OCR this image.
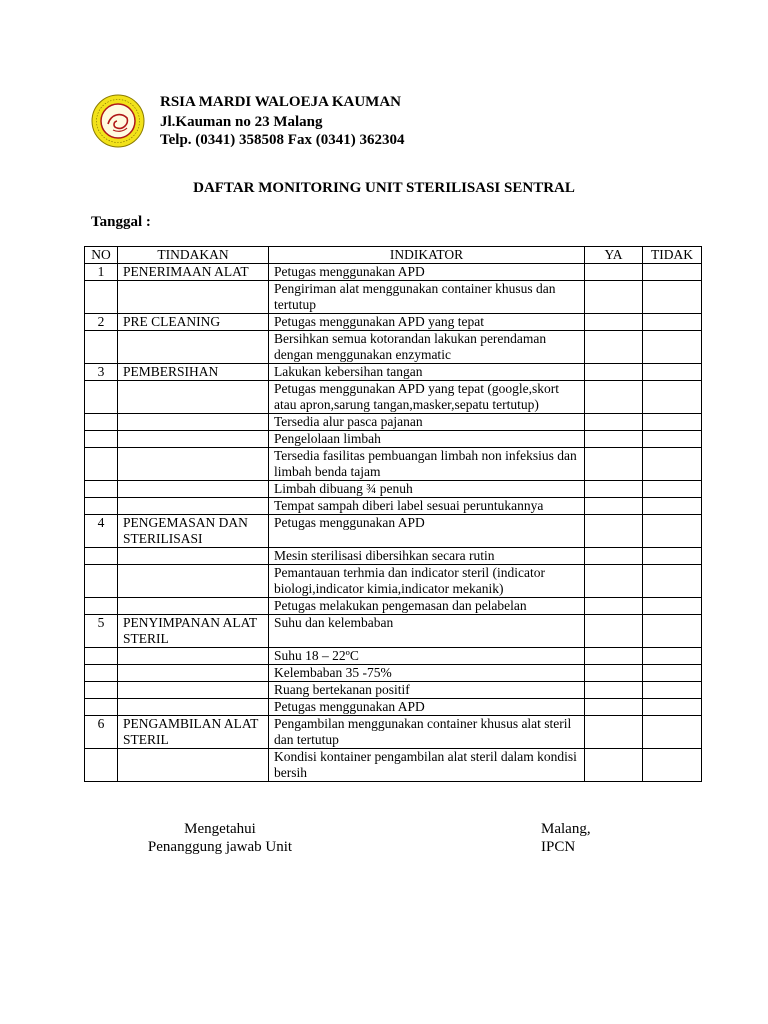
RSIA MARDI WALOEJA KAUMAN
Jl.Kauman no 23 Malang
Telp. (0341) 358508 Fax (0341) 362304
DAFTAR MONITORING UNIT STERILISASI SENTRAL
Tanggal :
NO	TINDAKAN	INDIKATOR	YA	TIDAK
1	PENERIMAAN ALAT	Petugas menggunakan APD		
		Pengiriman alat menggunakan container khusus dan tertutup		
2	PRE CLEANING	Petugas menggunakan APD yang tepat		
		Bersihkan semua kotorandan lakukan perendaman dengan menggunakan enzymatic		
3	PEMBERSIHAN	Lakukan kebersihan tangan		
		Petugas menggunakan APD yang tepat (google,skort atau apron,sarung tangan,masker,sepatu tertutup)		
		Tersedia alur pasca pajanan		
		Pengelolaan limbah		
		Tersedia fasilitas pembuangan limbah non infeksius dan limbah benda tajam		
		Limbah dibuang ¾ penuh		
		Tempat sampah diberi label sesuai peruntukannya		
4	PENGEMASAN DAN STERILISASI	Petugas menggunakan APD		
		Mesin sterilisasi dibersihkan secara rutin		
		Pemantauan terhmia dan indicator steril (indicator biologi,indicator kimia,indicator mekanik)		
		Petugas melakukan pengemasan dan pelabelan		
5	PENYIMPANAN ALAT STERIL	Suhu dan kelembaban		
		Suhu 18 – 22ºC		
		Kelembaban 35 -75%		
		Ruang bertekanan positif		
		Petugas menggunakan APD		
6	PENGAMBILAN ALAT STERIL	Pengambilan menggunakan container khusus alat steril dan tertutup		
		Kondisi kontainer pengambilan alat steril dalam kondisi bersih		
Mengetahui
Penanggung jawab Unit
Malang,
IPCN
